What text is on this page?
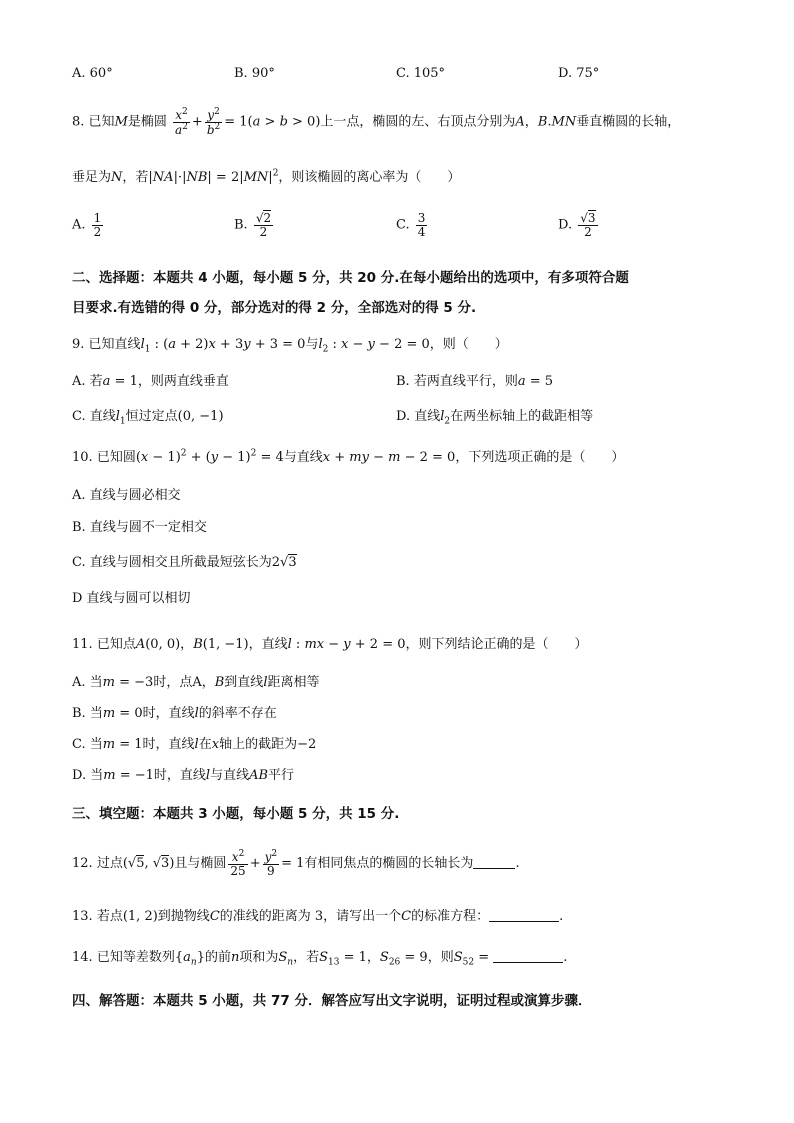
A. 60°	B. 90°	C. 105°	D. 75°
8. 已知M是椭圆 $\frac{x^2}{a^2} + \frac{y^2}{b^2} = 1(a > b > 0)$上一点，椭圆的左、右顶点分别为A，B.MN垂直椭圆的长轴，
垂足为N，若$|NA|\cdot|NB| = 2|MN|^2$，则该椭圆的离心率为（　　）
A. $\frac{1}{2}$	B. $\frac{√2}{2}$	C. $\frac{3}{4}$	D. $\frac{√3}{2}$
二、选择题：本题共 4 小题，每小题 5 分，共 20 分.在每小题给出的选项中，有多项符合题
目要求.有选错的得 0 分，部分选对的得 2 分，全部选对的得 5 分.
9. 已知直线$l_1$ : (a + 2)x + 3y + 3 = 0与$l_2$ : x − y − 2 = 0，则（　　）
A. 若a = 1，则两直线垂直	B. 若两直线平行，则a = 5
C. 直线$l_1$恒过定点(0, −1)	D. 直线$l_2$在两坐标轴上的截距相等
10. 已知圆$(x - 1)^2 + (y - 1)^2 = 4$与直线x + my − m − 2 = 0，下列选项正确的是（　　）
A. 直线与圆必相交
B. 直线与圆不一定相交
C. 直线与圆相交且所截最短弦长为2√3
D 直线与圆可以相切
11. 已知点A(0, 0)，B(1, −1)，直线l : mx − y + 2 = 0，则下列结论正确的是（　　）
A. 当m = −3时，点A，B到直线l距离相等
B. 当m = 0时，直线l的斜率不存在
C. 当m = 1时，直线l在x轴上的截距为−2
D. 当m = −1时，直线l与直线AB平行
三、填空题：本题共 3 小题，每小题 5 分，共 15 分.
12. 过点(√5, √3)且与椭圆 $\frac{x^2}{25} + \frac{y^2}{9} = 1$有相同焦点的椭圆的长轴长为	.
13. 若点(1, 2)到抛物线C的准线的距离为 3，请写出一个C的标准方程：	.
14. 已知等差数列$\{a_n\}$的前n项和为$S_n$，若$S_{13} = 1$，$S_{26} = 9$，则$S_{52}$ =	.
四、解答题：本题共 5 小题，共 77 分．解答应写出文字说明，证明过程或演算步骤．
